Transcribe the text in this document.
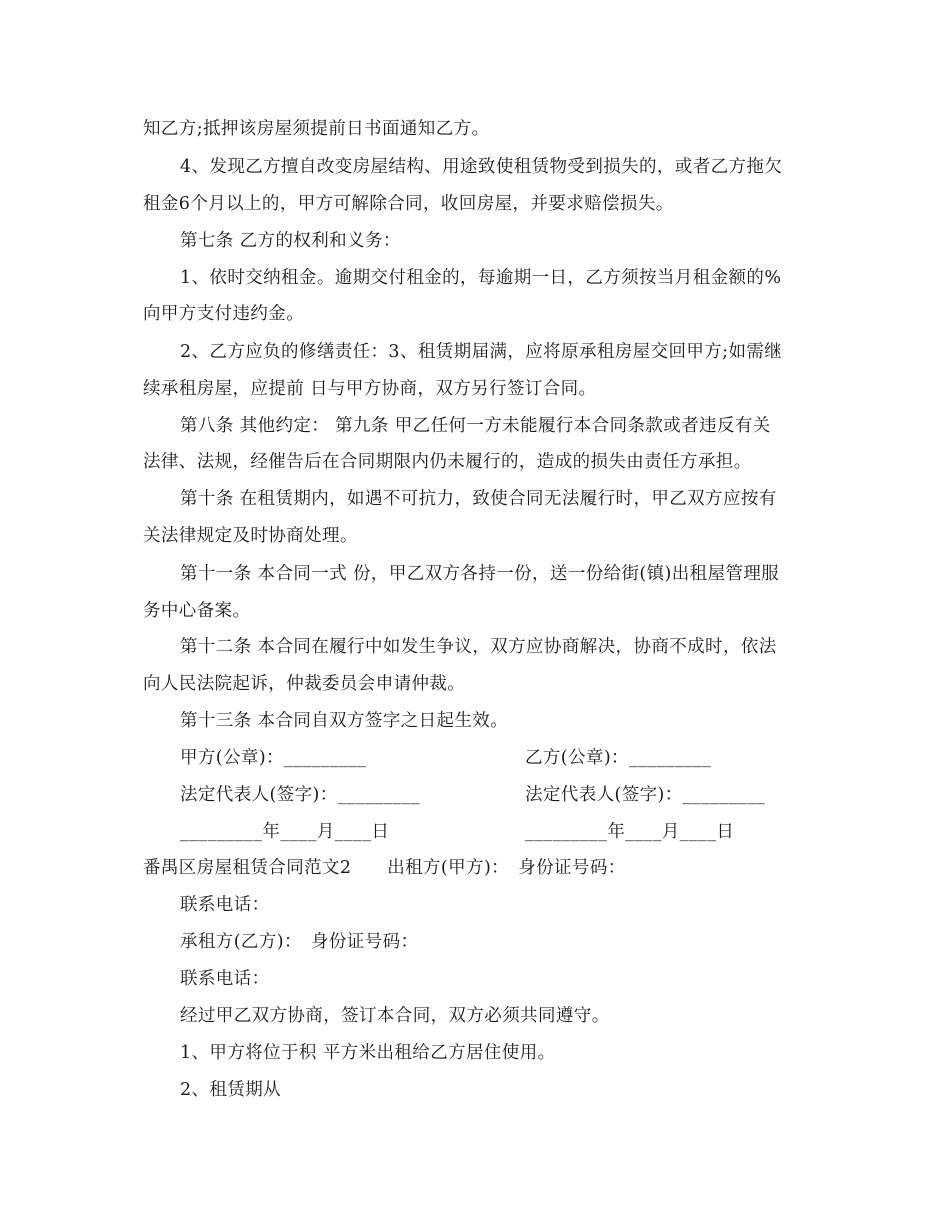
知乙方;抵押该房屋须提前日书面通知乙方。
4、发现乙方擅自改变房屋结构、用途致使租赁物受到损失的，或者乙方拖欠
租金6个月以上的，甲方可解除合同，收回房屋，并要求赔偿损失。
第七条 乙方的权利和义务：
1、依时交纳租金。逾期交付租金的，每逾期一日，乙方须按当月租金额的%
向甲方支付违约金。
2、乙方应负的修缮责任：3、租赁期届满，应将原承租房屋交回甲方;如需继
续承租房屋，应提前 日与甲方协商，双方另行签订合同。
第八条 其他约定： 第九条 甲乙任何一方未能履行本合同条款或者违反有关
法律、法规，经催告后在合同期限内仍未履行的，造成的损失由责任方承担。
第十条 在租赁期内，如遇不可抗力，致使合同无法履行时，甲乙双方应按有
关法律规定及时协商处理。
第十一条 本合同一式 份，甲乙双方各持一份，送一份给街(镇)出租屋管理服
务中心备案。
第十二条 本合同在履行中如发生争议，双方应协商解决，协商不成时，依法
向人民法院起诉，仲裁委员会申请仲裁。
第十三条 本合同自双方签字之日起生效。
甲方(公章)：_________	乙方(公章)：_________
法定代表人(签字)：_________	法定代表人(签字)：_________
_________年____月____日	_________年____月____日
番禺区房屋租赁合同范文2　　出租方(甲方)：　身份证号码：
联系电话：
承租方(乙方)：　身份证号码：
联系电话：
经过甲乙双方协商，签订本合同，双方必须共同遵守。
1、甲方将位于积 平方米出租给乙方居住使用。
2、租赁期从
